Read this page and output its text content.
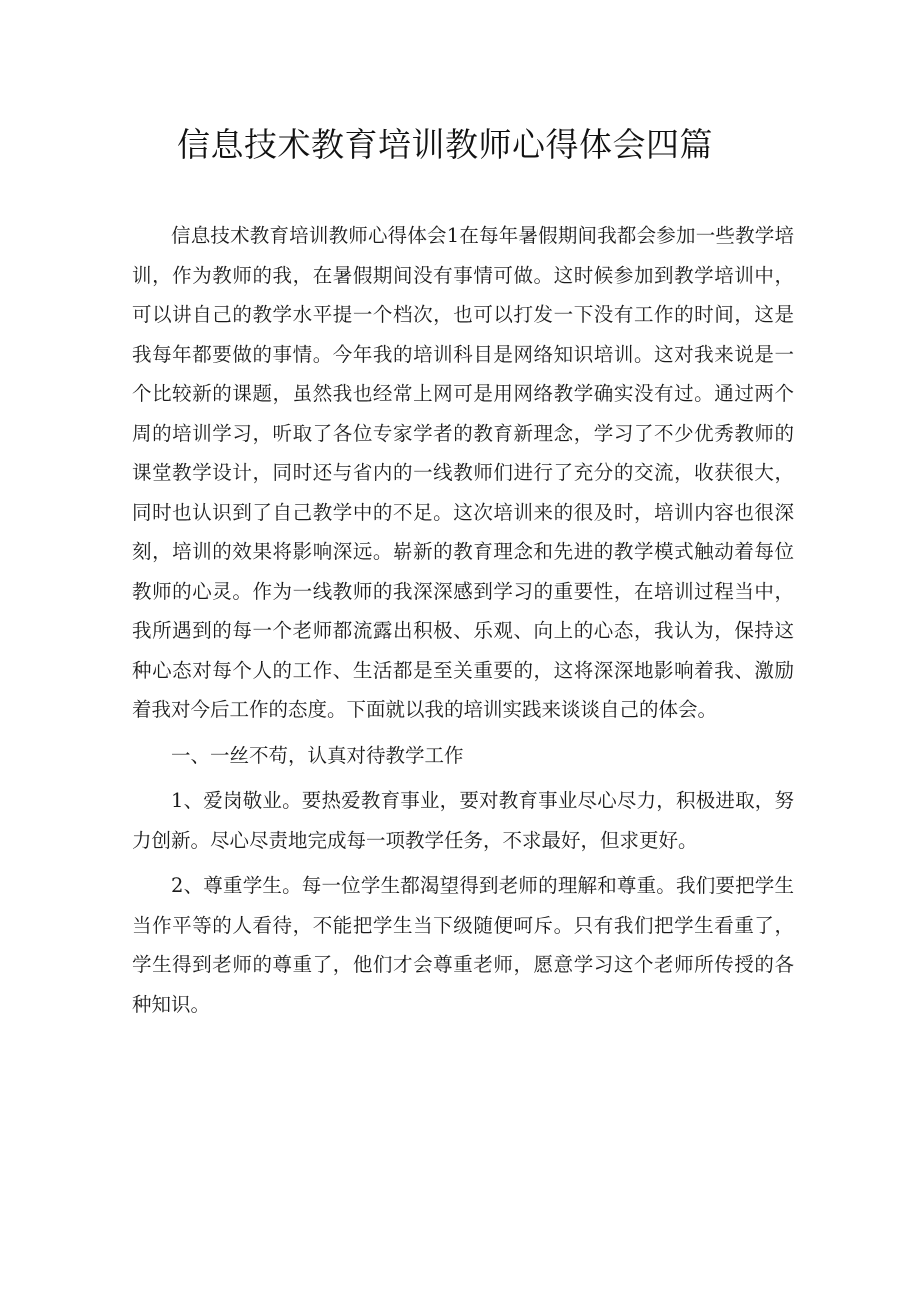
信息技术教育培训教师心得体会四篇

信息技术教育培训教师心得体会1在每年暑假期间我都会参加一些教学培训，作为教师的我，在暑假期间没有事情可做。这时候参加到教学培训中，可以讲自己的教学水平提一个档次，也可以打发一下没有工作的时间，这是我每年都要做的事情。今年我的培训科目是网络知识培训。这对我来说是一个比较新的课题，虽然我也经常上网可是用网络教学确实没有过。通过两个周的培训学习，听取了各位专家学者的教育新理念，学习了不少优秀教师的课堂教学设计，同时还与省内的一线教师们进行了充分的交流，收获很大，同时也认识到了自己教学中的不足。这次培训来的很及时，培训内容也很深刻，培训的效果将影响深远。崭新的教育理念和先进的教学模式触动着每位教师的心灵。作为一线教师的我深深感到学习的重要性，在培训过程当中，我所遇到的每一个老师都流露出积极、乐观、向上的心态，我认为，保持这种心态对每个人的工作、生活都是至关重要的，这将深深地影响着我、激励着我对今后工作的态度。下面就以我的培训实践来谈谈自己的体会。

一、一丝不苟，认真对待教学工作

1、爱岗敬业。要热爱教育事业，要对教育事业尽心尽力，积极进取，努力创新。尽心尽责地完成每一项教学任务，不求最好，但求更好。

2、尊重学生。每一位学生都渴望得到老师的理解和尊重。我们要把学生当作平等的人看待，不能把学生当下级随便呵斥。只有我们把学生看重了，学生得到老师的尊重了，他们才会尊重老师，愿意学习这个老师所传授的各种知识。
